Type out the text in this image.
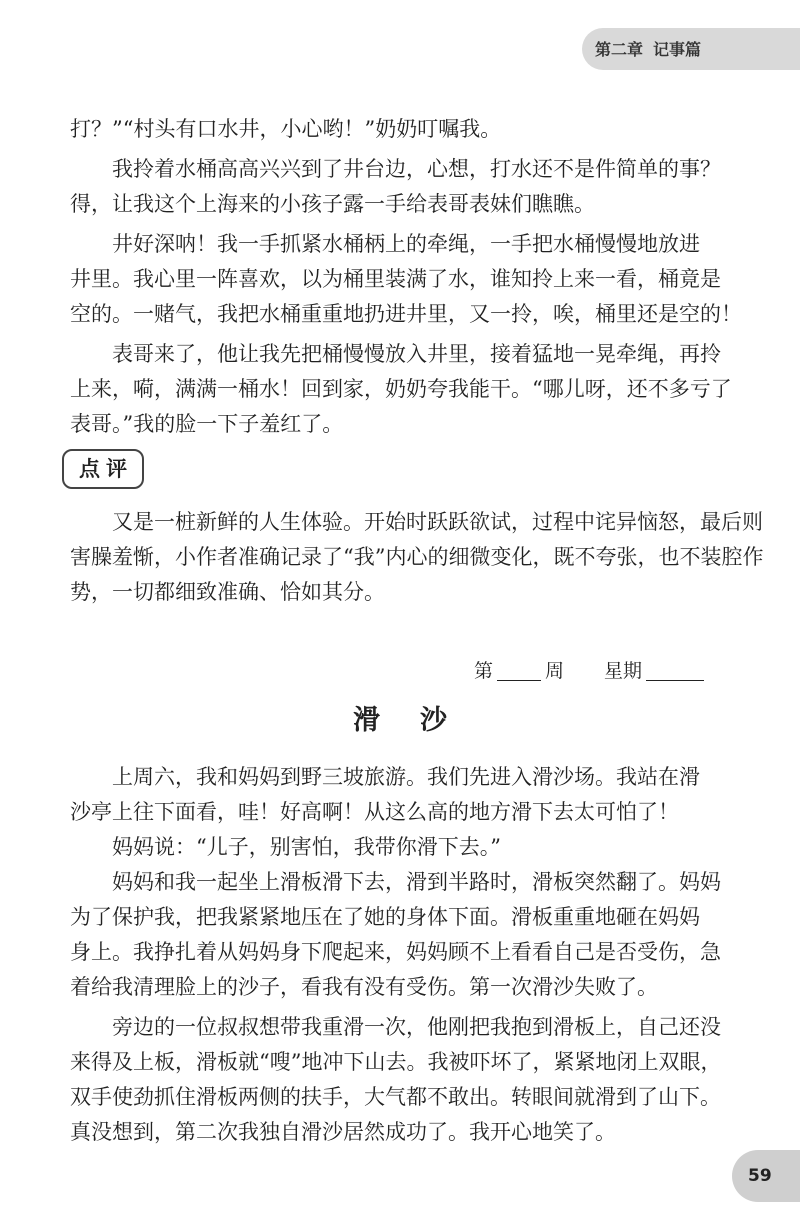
第二章 记事篇

打？”“村头有口水井，小心哟！”奶奶叮嘱我。

我拎着水桶高高兴兴到了井台边，心想，打水还不是件简单的事？

得，让我这个上海来的小孩子露一手给表哥表妹们瞧瞧。

井好深呐！我一手抓紧水桶柄上的牵绳，一手把水桶慢慢地放进

井里。我心里一阵喜欢，以为桶里装满了水，谁知拎上来一看，桶竟是

空的。一赌气，我把水桶重重地扔进井里，又一拎，唉，桶里还是空的！

表哥来了，他让我先把桶慢慢放入井里，接着猛地一晃牵绳，再拎

上来，嗬，满满一桶水！回到家，奶奶夸我能干。“哪儿呀，还不多亏了

表哥。”我的脸一下子羞红了。

点评

又是一桩新鲜的人生体验。开始时跃跃欲试，过程中诧异恼怒，最后则

害臊羞惭，小作者准确记录了“我”内心的细微变化，既不夸张，也不装腔作

势，一切都细致准确、恰如其分。

第	周 星期
滑沙

上周六，我和妈妈到野三坡旅游。我们先进入滑沙场。我站在滑

沙亭上往下面看，哇！好高啊！从这么高的地方滑下去太可怕了！

妈妈说：“儿子，别害怕，我带你滑下去。”

妈妈和我一起坐上滑板滑下去，滑到半路时，滑板突然翻了。妈妈

为了保护我，把我紧紧地压在了她的身体下面。滑板重重地砸在妈妈

身上。我挣扎着从妈妈身下爬起来，妈妈顾不上看看自己是否受伤，急

着给我清理脸上的沙子，看我有没有受伤。第一次滑沙失败了。

旁边的一位叔叔想带我重滑一次，他刚把我抱到滑板上，自己还没

来得及上板，滑板就“嗖”地冲下山去。我被吓坏了，紧紧地闭上双眼，

双手使劲抓住滑板两侧的扶手，大气都不敢出。转眼间就滑到了山下。

真没想到，第二次我独自滑沙居然成功了。我开心地笑了。

59
